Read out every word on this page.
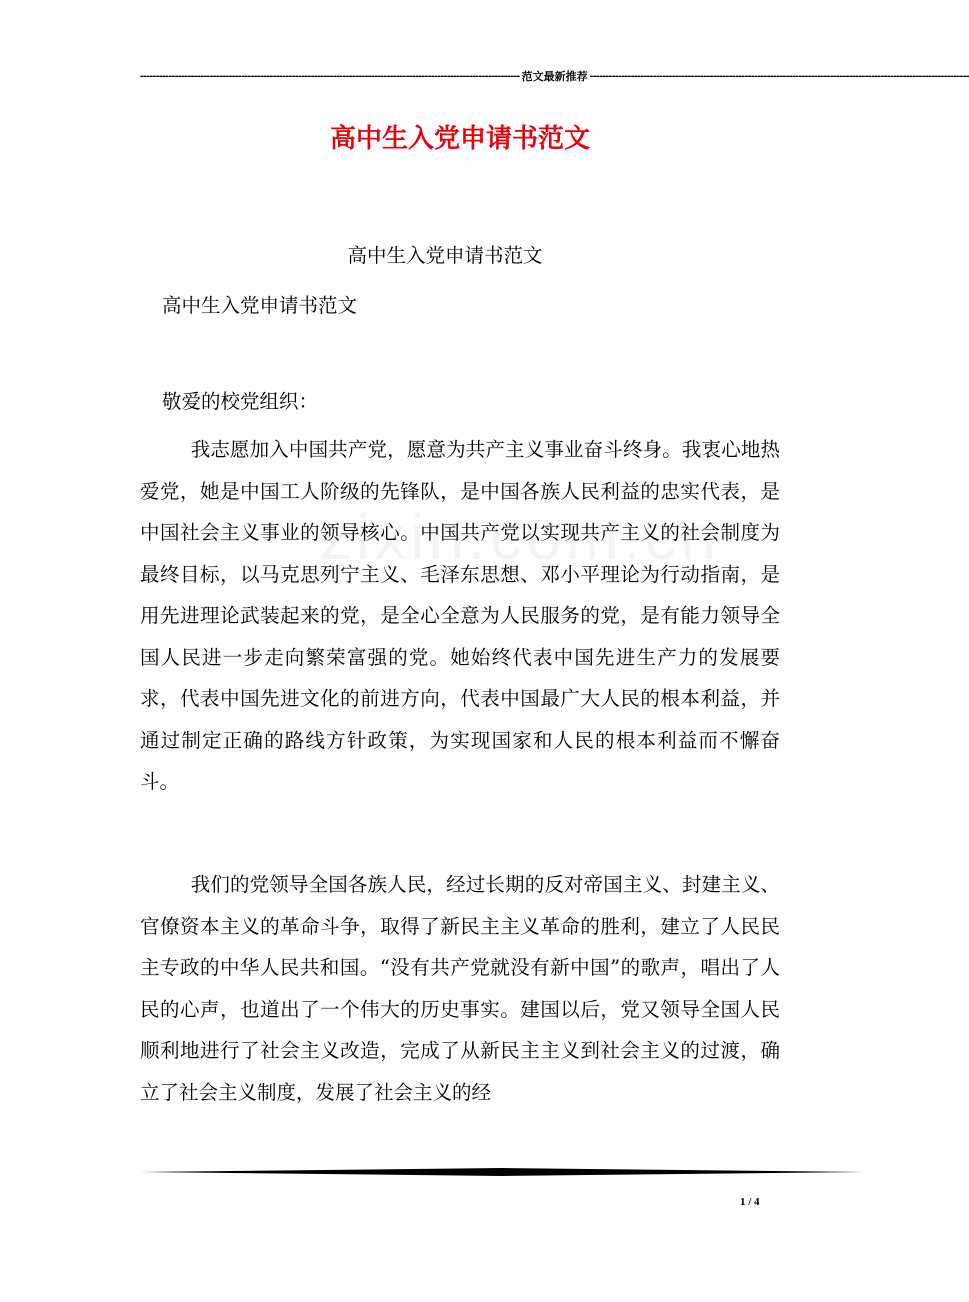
------------------------------------------------------------------------------------------------------------------------ 范文最新推荐 ------------------------------------------------------------------------------------------------------------------------
高中生入党申请书范文

高中生入党申请书范文

高中生入党申请书范文

敬爱的校党组织：

我志愿加入中国共产党，愿意为共产主义事业奋斗终身。我衷心地热爱党，她是中国工人阶级的先锋队，是中国各族人民利益的忠实代表，是中国社会主义事业的领导核心。中国共产党以实现共产主义的社会制度为最终目标，以马克思列宁主义、毛泽东思想、邓小平理论为行动指南，是用先进理论武装起来的党，是全心全意为人民服务的党，是有能力领导全国人民进一步走向繁荣富强的党。她始终代表中国先进生产力的发展要求，代表中国先进文化的前进方向，代表中国最广大人民的根本利益，并通过制定正确的路线方针政策，为实现国家和人民的根本利益而不懈奋斗。

我们的党领导全国各族人民，经过长期的反对帝国主义、封建主义、官僚资本主义的革命斗争，取得了新民主主义革命的胜利，建立了人民民主专政的中华人民共和国。“没有共产党就没有新中国”的歌声，唱出了人民的心声，也道出了一个伟大的历史事实。建国以后，党又领导全国人民顺利地进行了社会主义改造，完成了从新民主主义到社会主义的过渡，确立了社会主义制度，发展了社会主义的经

1 / 4
